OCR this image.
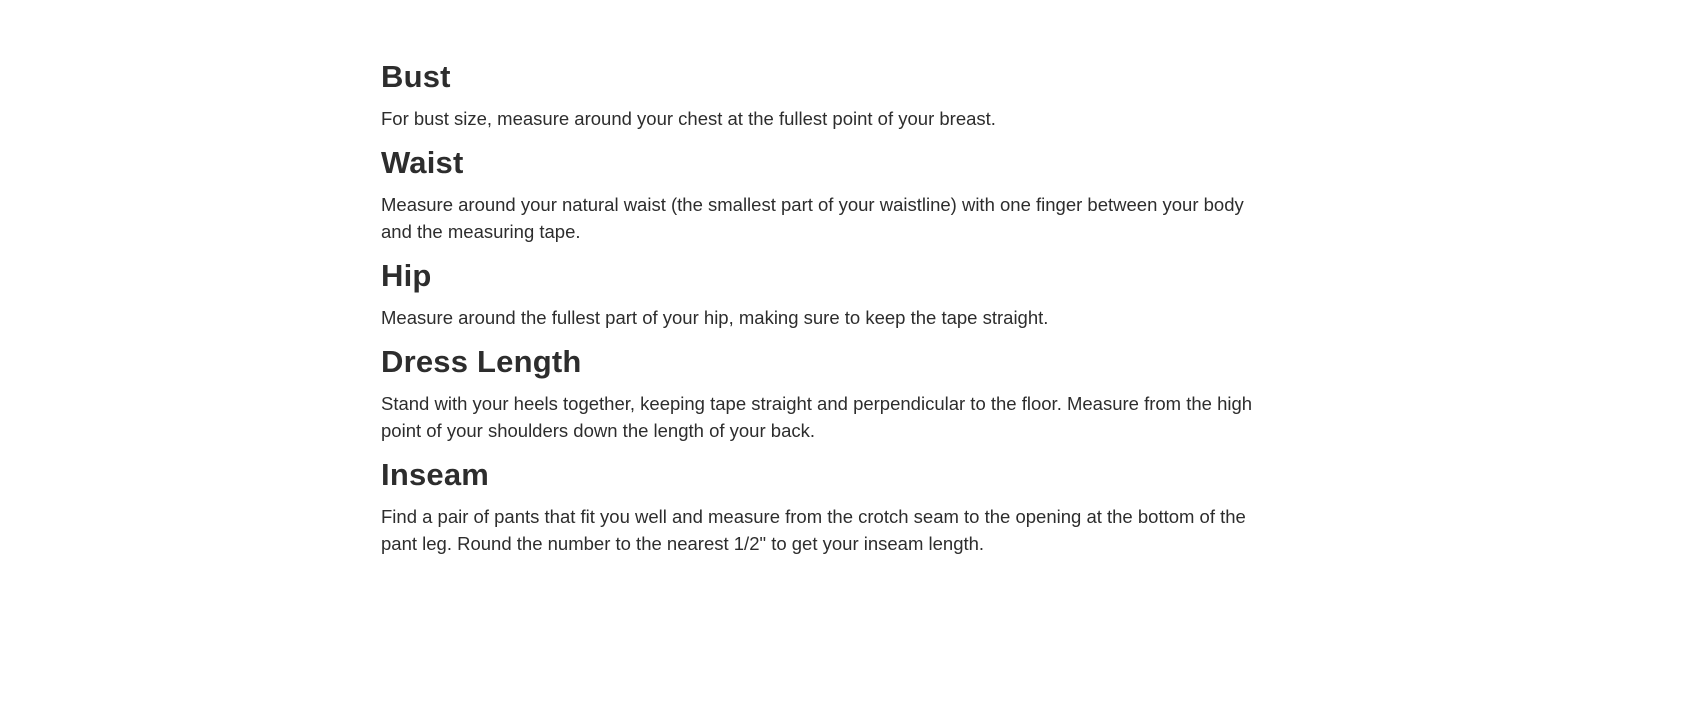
Bust

For bust size, measure around your chest at the fullest point of your breast.

Waist

Measure around your natural waist (the smallest part of your waistline) with one finger between your body and the measuring tape.

Hip

Measure around the fullest part of your hip, making sure to keep the tape straight.

Dress Length

Stand with your heels together, keeping tape straight and perpendicular to the floor. Measure from the high point of your shoulders down the length of your back.

Inseam

Find a pair of pants that fit you well and measure from the crotch seam to the opening at the bottom of the pant leg. Round the number to the nearest 1/2" to get your inseam length.
